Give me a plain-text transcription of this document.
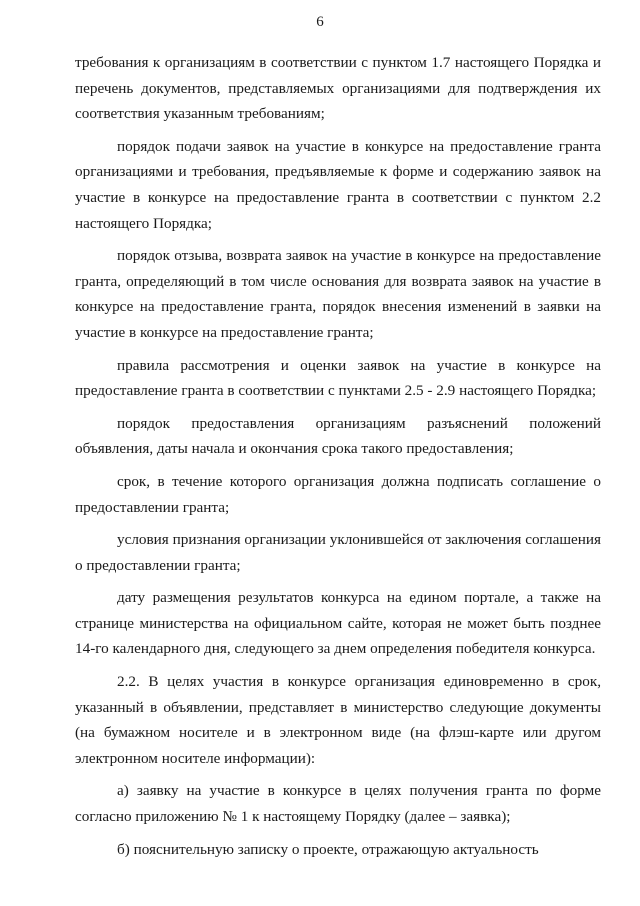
6

требования к организациям в соответствии с пунктом 1.7 настоящего Порядка и перечень документов, представляемых организациями для подтверждения их соответствия указанным требованиям;

порядок подачи заявок на участие в конкурсе на предоставление гранта организациями и требования, предъявляемые к форме и содержанию заявок на участие в конкурсе на предоставление гранта в соответствии с пунктом 2.2 настоящего Порядка;

порядок отзыва, возврата заявок на участие в конкурсе на предоставление гранта, определяющий в том числе основания для возврата заявок на участие в конкурсе на предоставление гранта, порядок внесения изменений в заявки на участие в конкурсе на предоставление гранта;

правила рассмотрения и оценки заявок на участие в конкурсе на предоставление гранта в соответствии с пунктами 2.5 - 2.9 настоящего Порядка;

порядок предоставления организациям разъяснений положений объявления, даты начала и окончания срока такого предоставления;

срок, в течение которого организация должна подписать соглашение о предоставлении гранта;

условия признания организации уклонившейся от заключения соглашения о предоставлении гранта;

дату размещения результатов конкурса на едином портале, а также на странице министерства на официальном сайте, которая не может быть позднее 14-го календарного дня, следующего за днем определения победителя конкурса.

2.2. В целях участия в конкурсе организация единовременно в срок, указанный в объявлении, представляет в министерство следующие документы (на бумажном носителе и в электронном виде (на флэш-карте или другом электронном носителе информации):

а) заявку на участие в конкурсе в целях получения гранта по форме согласно приложению № 1 к настоящему Порядку (далее – заявка);

б) пояснительную записку о проекте, отражающую актуальность
